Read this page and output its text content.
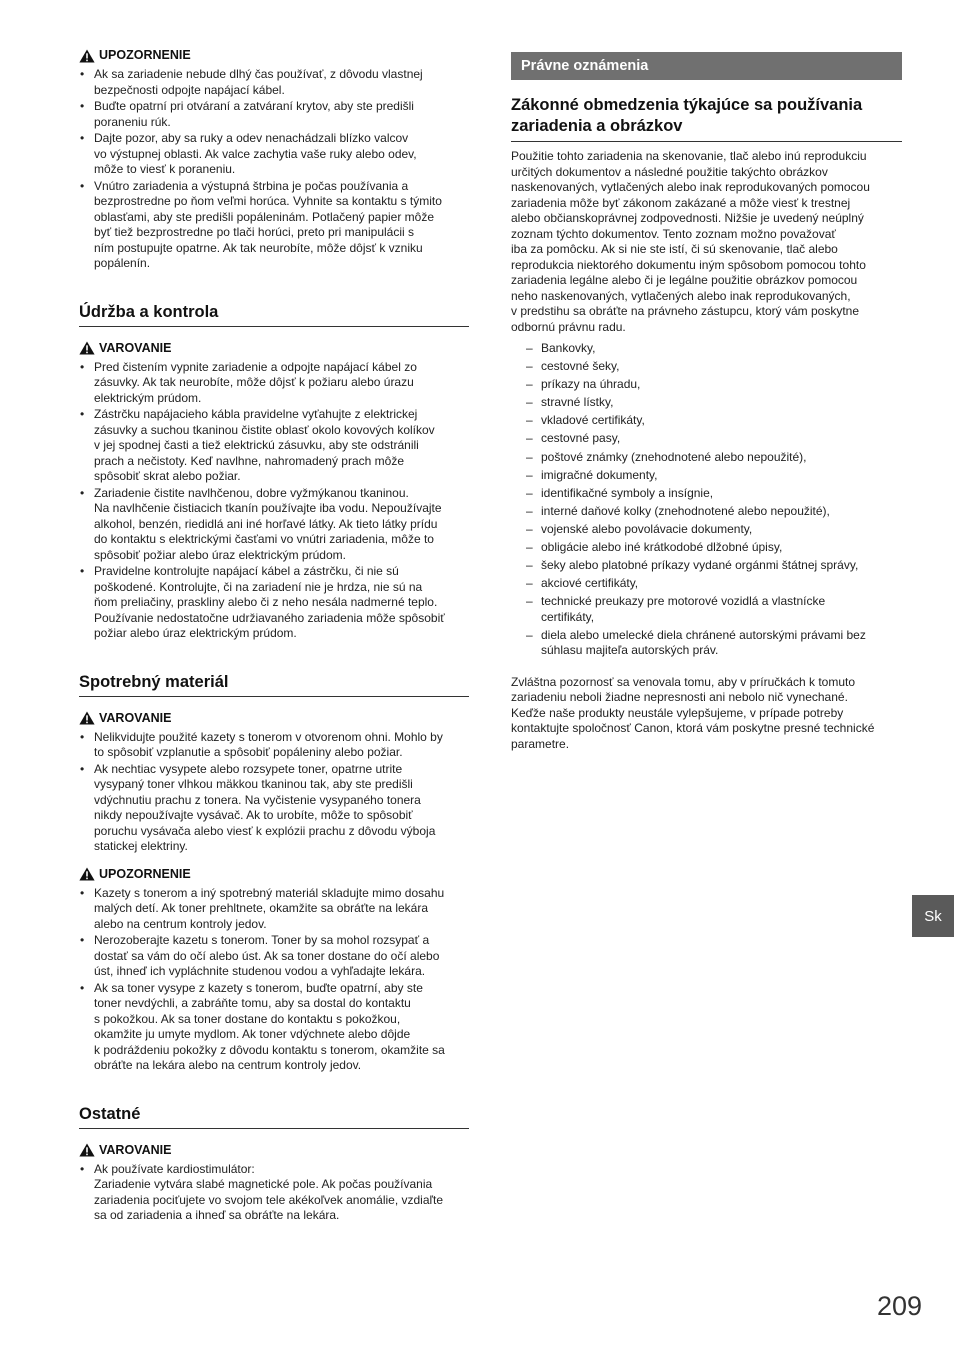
UPOZORNENIE
• Ak sa zariadenie nebude dlhý čas používať, z dôvodu vlastnej
bezpečnosti odpojte napájací kábel.
• Buďte opatrní pri otváraní a zatváraní krytov, aby ste predišli
poraneniu rúk.
• Dajte pozor, aby sa ruky a odev nenachádzali blízko valcov
vo výstupnej oblasti. Ak valce zachytia vaše ruky alebo odev,
môže to viesť k poraneniu.
• Vnútro zariadenia a výstupná štrbina je počas používania a
bezprostredne po ňom veľmi horúca. Vyhnite sa kontaktu s týmito
oblasťami, aby ste predišli popáleninám. Potlačený papier môže
byť tiež bezprostredne po tlači horúci, preto pri manipulácii s
ním postupujte opatrne. Ak tak neurobíte, môže dôjsť k vzniku
popálenín.
Údržba a kontrola
VAROVANIE
• Pred čistením vypnite zariadenie a odpojte napájací kábel zo
zásuvky. Ak tak neurobíte, môže dôjsť k požiaru alebo úrazu
elektrickým prúdom.
• Zástrčku napájacieho kábla pravidelne vyťahujte z elektrickej
zásuvky a suchou tkaninou čistite oblasť okolo kovových kolíkov
v jej spodnej časti a tiež elektrickú zásuvku, aby ste odstránili
prach a nečistoty. Keď navlhne, nahromadený prach môže
spôsobiť skrat alebo požiar.
• Zariadenie čistite navlhčenou, dobre vyžmýkanou tkaninou.
Na navlhčenie čistiacich tkanín používajte iba vodu. Nepoužívajte
alkohol, benzén, riedidlá ani iné horľavé látky. Ak tieto látky prídu
do kontaktu s elektrickými časťami vo vnútri zariadenia, môže to
spôsobiť požiar alebo úraz elektrickým prúdom.
• Pravidelne kontrolujte napájací kábel a zástrčku, či nie sú
poškodené. Kontrolujte, či na zariadení nie je hrdza, nie sú na
ňom preliačiny, praskliny alebo či z neho nesála nadmerné teplo.
Používanie nedostatočne udržiavaného zariadenia môže spôsobiť
požiar alebo úraz elektrickým prúdom.
Spotrebný materiál
VAROVANIE
• Nelikvidujte použité kazety s tonerom v otvorenom ohni. Mohlo by
to spôsobiť vzplanutie a spôsobiť popáleniny alebo požiar.
• Ak nechtiac vysypete alebo rozsypete toner, opatrne utrite
vysypaný toner vlhkou mäkkou tkaninou tak, aby ste predišli
vdýchnutiu prachu z tonera. Na vyčistenie vysypaného tonera
nikdy nepoužívajte vysávač. Ak to urobíte, môže to spôsobiť
poruchu vysávača alebo viesť k explózii prachu z dôvodu výboja
statickej elektriny.
UPOZORNENIE
• Kazety s tonerom a iný spotrebný materiál skladujte mimo dosahu
malých detí. Ak toner prehltnete, okamžite sa obráťte na lekára
alebo na centrum kontroly jedov.
• Nerozoberajte kazetu s tonerom. Toner by sa mohol rozsypať a
dostať sa vám do očí alebo úst. Ak sa toner dostane do očí alebo
úst, ihneď ich vypláchnite studenou vodou a vyhľadajte lekára.
• Ak sa toner vysype z kazety s tonerom, buďte opatrní, aby ste
toner nevdýchli, a zabráňte tomu, aby sa dostal do kontaktu
s pokožkou. Ak sa toner dostane do kontaktu s pokožkou,
okamžite ju umyte mydlom. Ak toner vdýchnete alebo dôjde
k podráždeniu pokožky z dôvodu kontaktu s tonerom, okamžite sa
obráťte na lekára alebo na centrum kontroly jedov.
Ostatné
VAROVANIE
• Ak používate kardiostimulátor:
Zariadenie vytvára slabé magnetické pole. Ak počas používania
zariadenia pociťujete vo svojom tele akékoľvek anomálie, vzdiaľte
sa od zariadenia a ihneď sa obráťte na lekára.
Právne oznámenia
Zákonné obmedzenia týkajúce sa používania
zariadenia a obrázkov

Použitie tohto zariadenia na skenovanie, tlač alebo inú reprodukciu
určitých dokumentov a následné použitie takýchto obrázkov
naskenovaných, vytlačených alebo inak reprodukovaných pomocou
zariadenia môže byť zákonom zakázané a môže viesť k trestnej
alebo občianskoprávnej zodpovednosti. Nižšie je uvedený neúplný
zoznam týchto dokumentov. Tento zoznam možno považovať
iba za pomôcku. Ak si nie ste istí, či sú skenovanie, tlač alebo
reprodukcia niektorého dokumentu iným spôsobom pomocou tohto
zariadenia legálne alebo či je legálne použitie obrázkov pomocou
neho naskenovaných, vytlačených alebo inak reprodukovaných,
v predstihu sa obráťte na právneho zástupcu, ktorý vám poskytne
odbornú právnu radu.

– Bankovky,
– cestovné šeky,
– príkazy na úhradu,
– stravné lístky,
– vkladové certifikáty,
– cestovné pasy,
– poštové známky (znehodnotené alebo nepoužité),
– imigračné dokumenty,
– identifikačné symboly a insígnie,
– interné daňové kolky (znehodnotené alebo nepoužité),
– vojenské alebo povolávacie dokumenty,
– obligácie alebo iné krátkodobé dlžobné úpisy,
– šeky alebo platobné príkazy vydané orgánmi štátnej správy,
– akciové certifikáty,
– technické preukazy pre motorové vozidlá a vlastnícke
certifikáty,
– diela alebo umelecké diela chránené autorskými právami bez
súhlasu majiteľa autorských práv.

Zvláštna pozornosť sa venovala tomu, aby v príručkách k tomuto
zariadeniu neboli žiadne nepresnosti ani nebolo nič vynechané.
Keďže naše produkty neustále vylepšujeme, v prípade potreby
kontaktujte spoločnosť Canon, ktorá vám poskytne presné technické
parametre.

Sk
209
